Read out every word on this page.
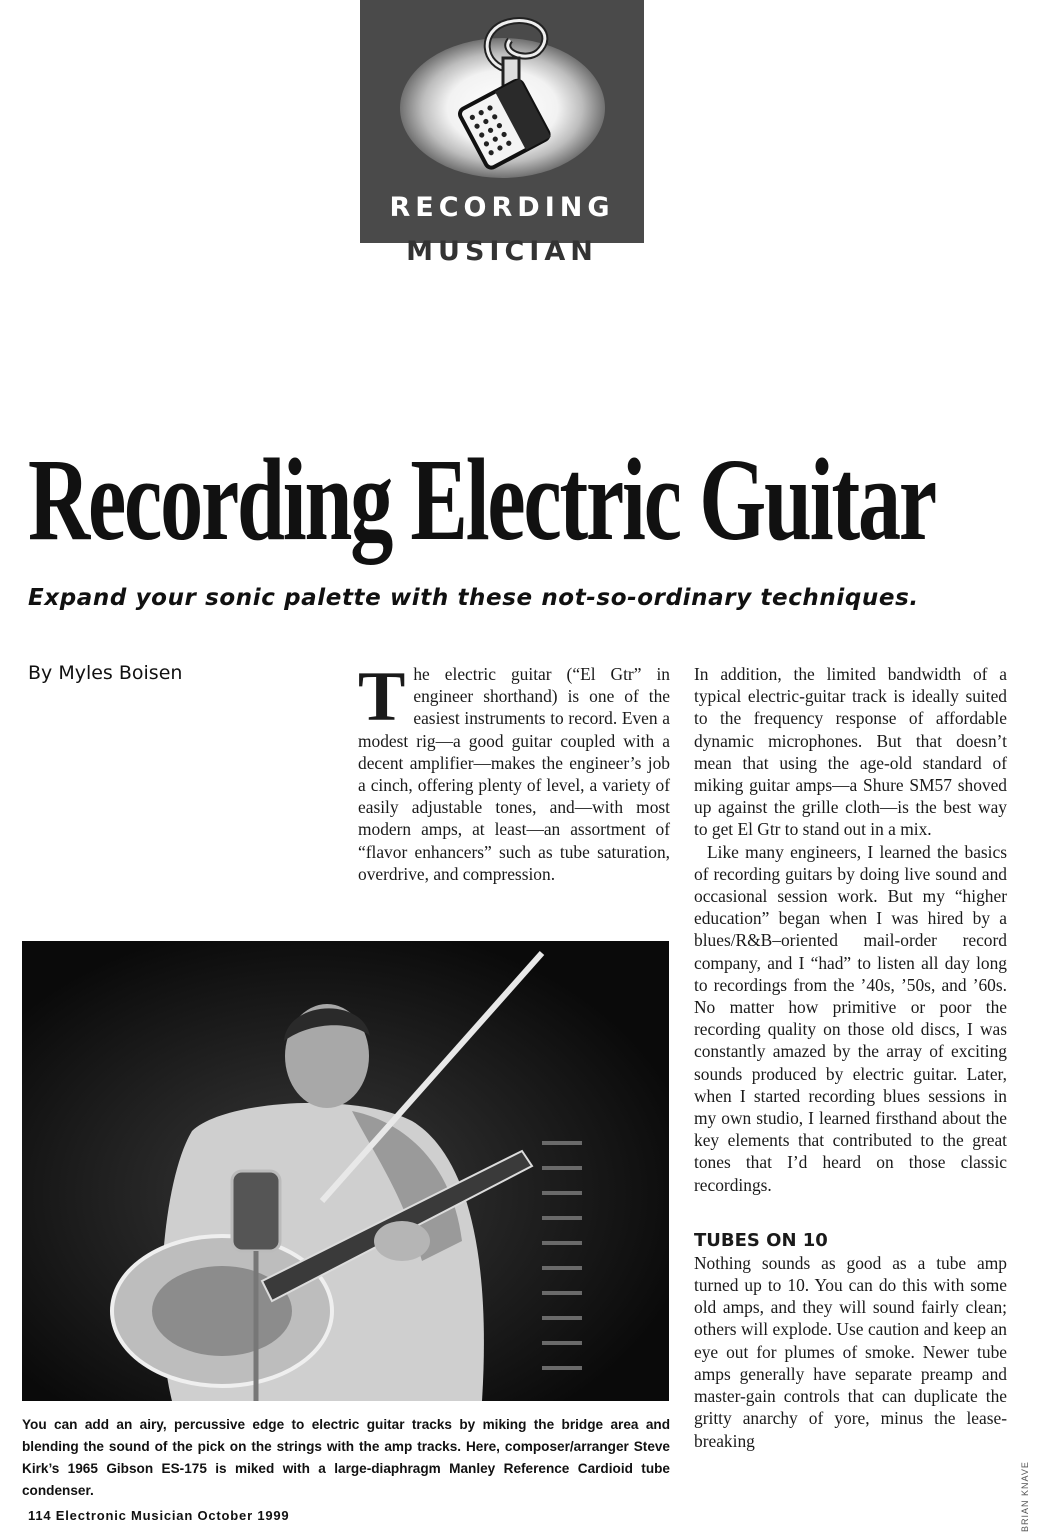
RECORDING
MUSICIAN
Recording Electric Guitar
Expand your sonic palette with these not-so-ordinary techniques.
By Myles Boisen The electric guitar (“El Gtr” in engineer shorthand) is one of the easiest instruments to record. Even a modest rig—a good guitar coupled with a decent amplifier—makes the engineer’s job a cinch, offering plenty of level, a variety of easily adjustable tones, and—with most modern amps, at least—an assortment of “flavor enhancers” such as tube saturation, overdrive, and compression.

In addition, the limited bandwidth of a typical electric-guitar track is ideally suited to the frequency response of affordable dynamic microphones. But that doesn’t mean that using the age-old standard of miking guitar amps—a Shure SM57 shoved up against the grille cloth—is the best way to get El Gtr to stand out in a mix.

Like many engineers, I learned the basics of recording guitars by doing live sound and occasional session work. But my “higher education” began when I was hired by a blues/R&B–oriented mail-order record company, and I “had” to listen all day long to recordings from the ’40s, ’50s, and ’60s. No matter how primitive or poor the recording quality on those old discs, I was constantly amazed by the array of exciting sounds produced by electric guitar. Later, when I started recording blues sessions in my own studio, I learned firsthand about the key elements that contributed to the great tones that I’d heard on those classic recordings.

TUBES ON 10

Nothing sounds as good as a tube amp turned up to 10. You can do this with some old amps, and they will sound fairly clean; others will explode. Use caution and keep an eye out for plumes of smoke. Newer tube amps generally have separate preamp and master-gain controls that can duplicate the gritty anarchy of yore, minus the lease-breaking

You can add an airy, percussive edge to electric guitar tracks by miking the bridge area and blending the sound of the pick on the strings with the amp tracks. Here, composer/arranger Steve Kirk’s 1965 Gibson ES-175 is miked with a large-diaphragm Manley Reference Cardioid tube condenser.	BRIAN KNAVE
114 Electronic Musician October 1999
